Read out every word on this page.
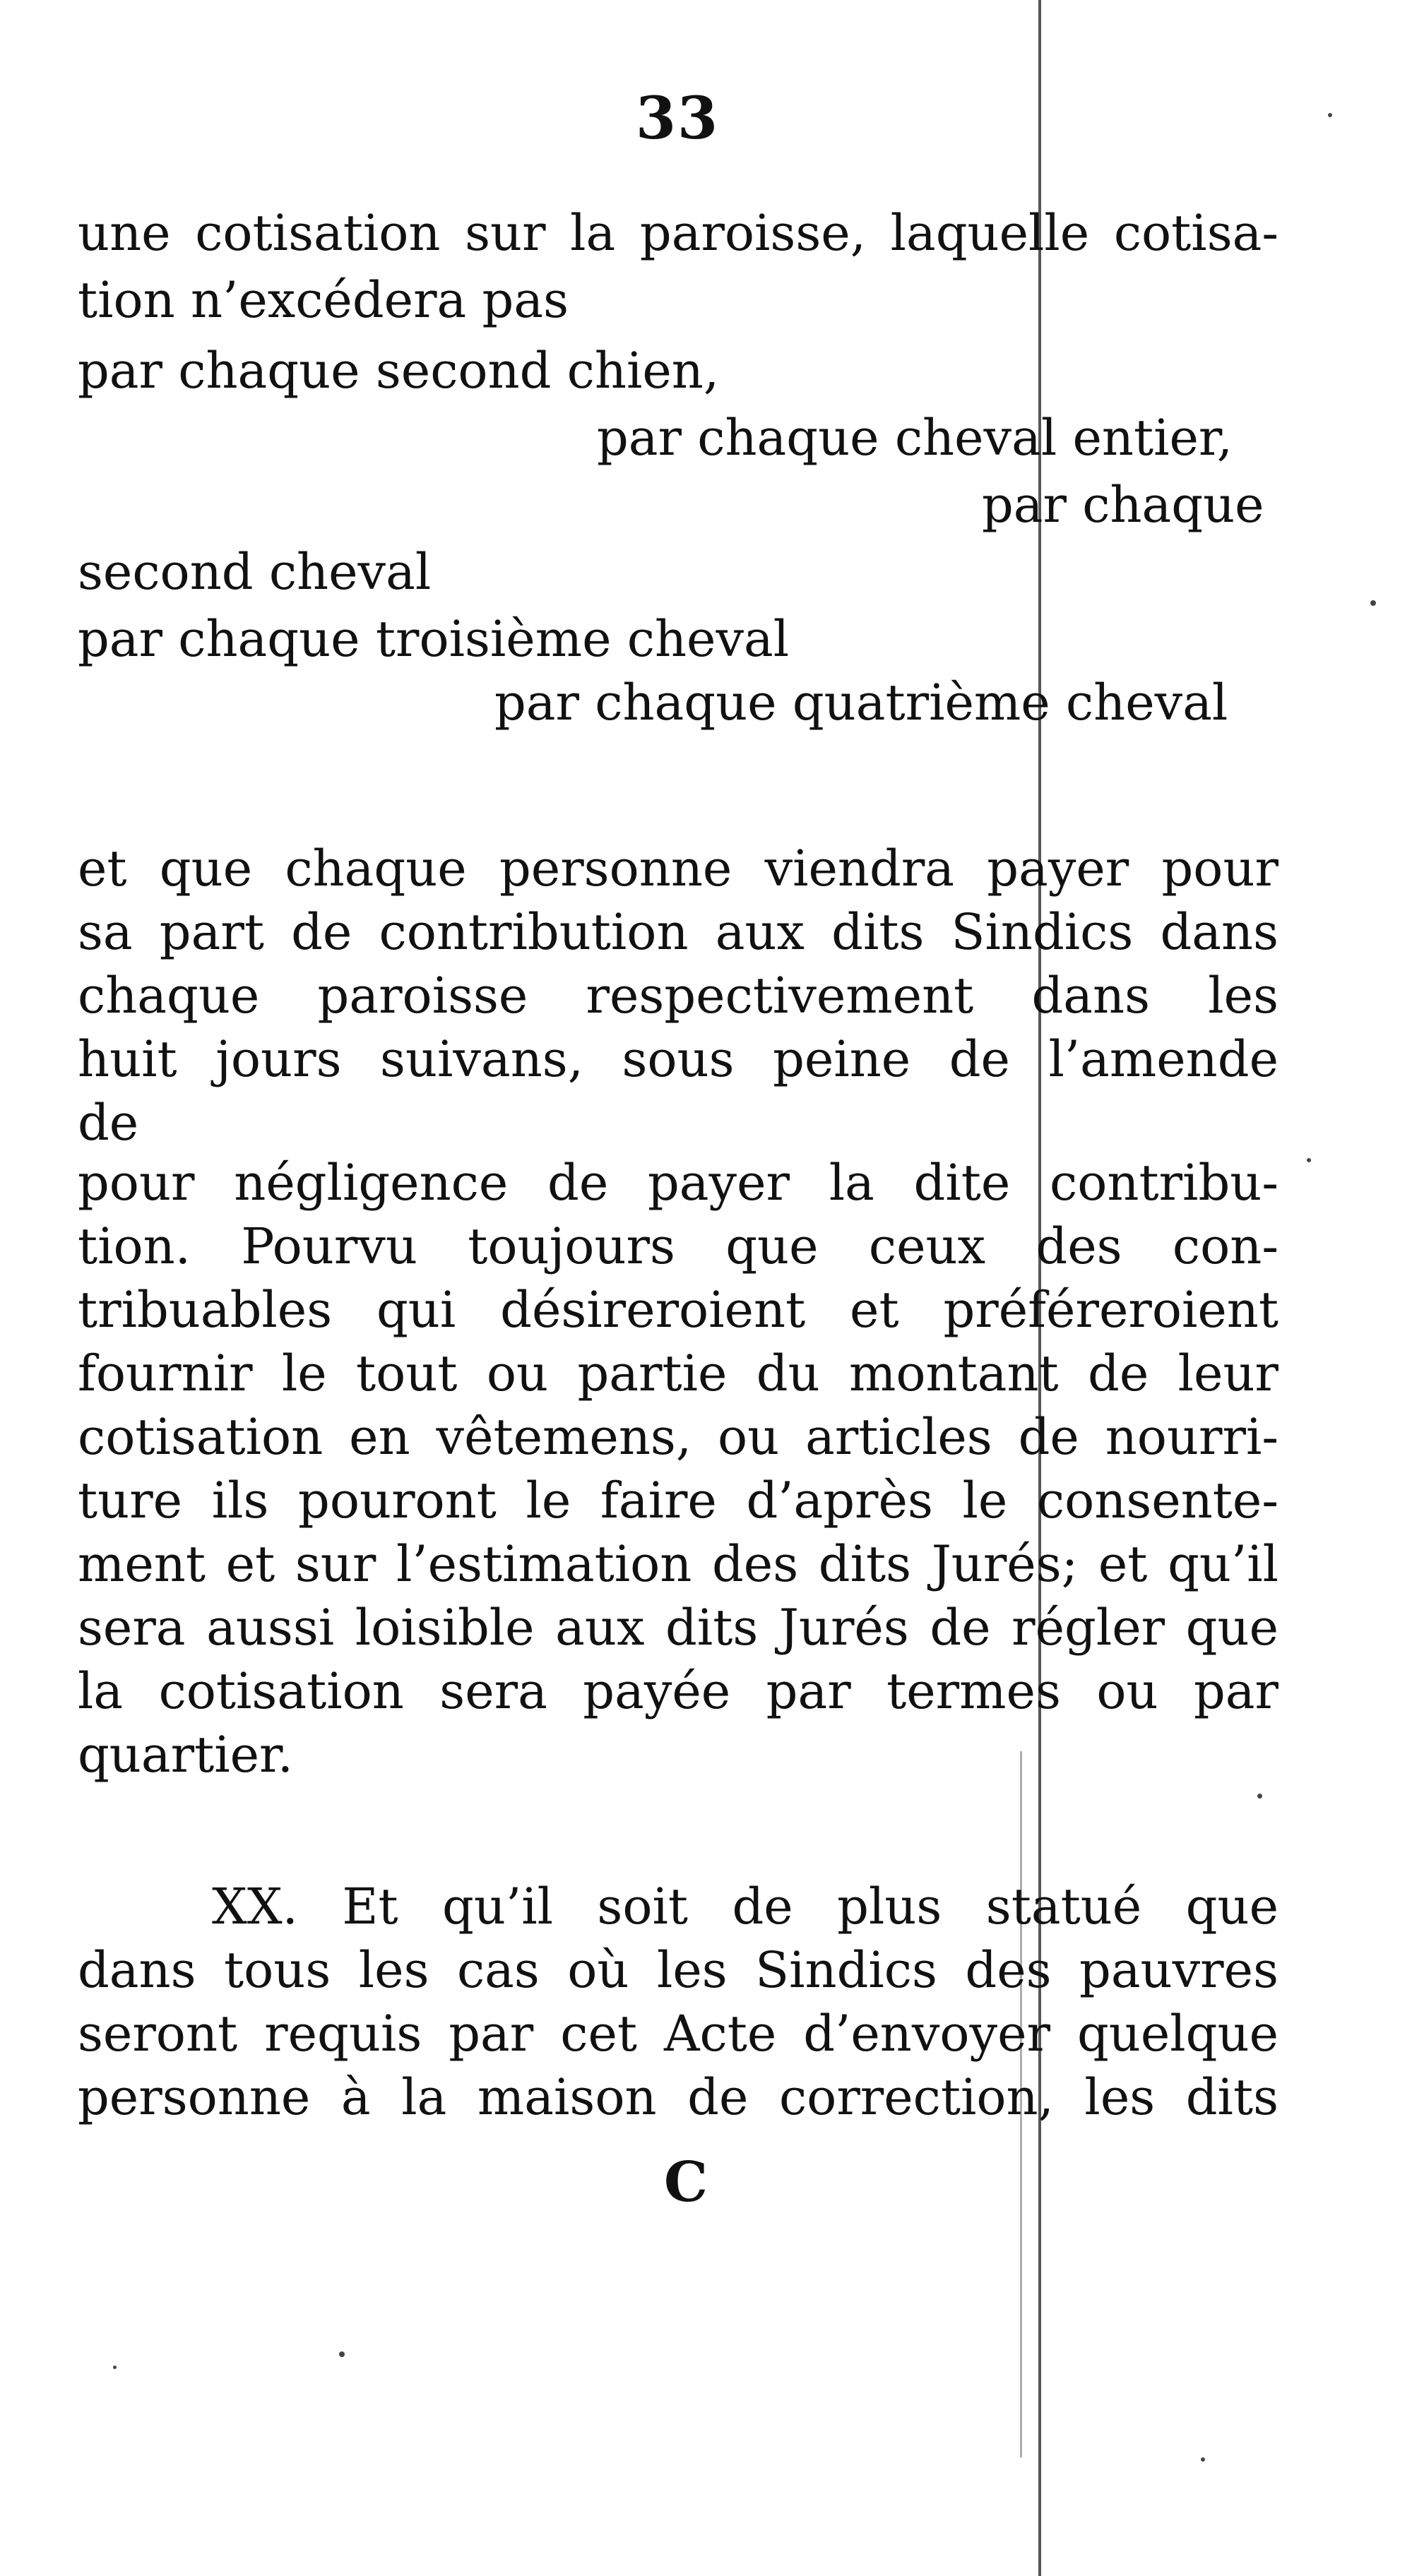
33
une cotisation sur la paroisse, laquelle cotisa-
tion n’excédera pas
par chaque second chien,
par chaque cheval entier,
par chaque
second cheval
par chaque troisième cheval
par chaque quatrième cheval
et que chaque personne viendra payer pour
sa part de contribution aux dits Sindics dans
chaque paroisse respectivement dans les
huit jours suivans, sous peine de l’amende
de
pour négligence de payer la dite contribu-
tion. Pourvu toujours que ceux des con-
tribuables qui désireroient et préféreroient
fournir le tout ou partie du montant de leur
cotisation en vêtemens, ou articles de nourri-
ture ils pouront le faire d’après le consente-
ment et sur l’estimation des dits Jurés; et qu’il
sera aussi loisible aux dits Jurés de régler que
la cotisation sera payée par termes ou par
quartier.
XX. Et qu’il soit de plus statué que
dans tous les cas où les Sindics des pauvres
seront requis par cet Acte d’envoyer quelque
personne à la maison de correction, les dits
C
